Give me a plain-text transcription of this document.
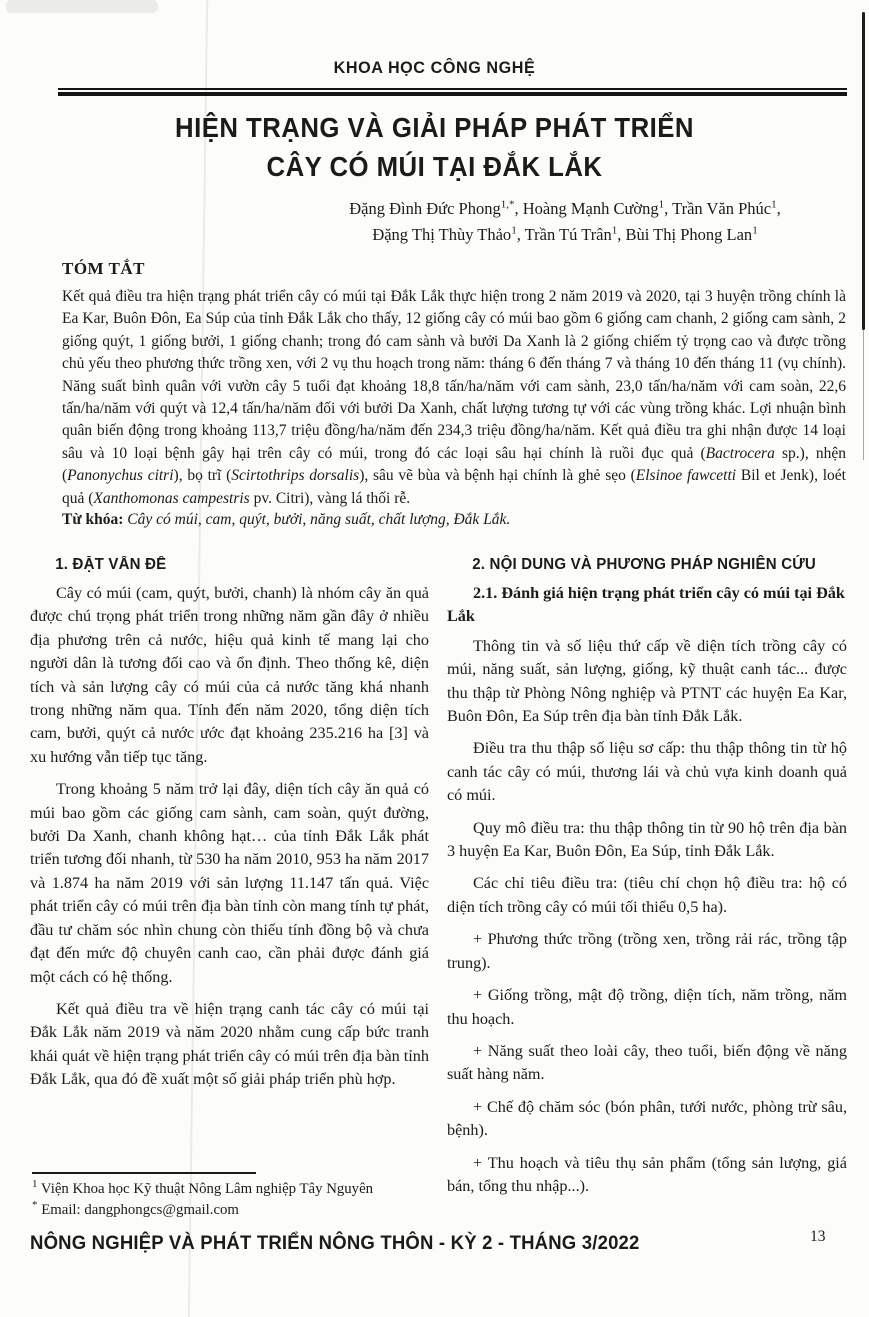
KHOA HỌC CÔNG NGHỆ
HIỆN TRẠNG VÀ GIẢI PHÁP PHÁT TRIỂN
CÂY CÓ MÚI TẠI ĐẮK LẮK
Đặng Đình Đức Phong$^{1,*}$, Hoàng Mạnh Cường$^1$, Trần Văn Phúc$^1$,
Đặng Thị Thùy Thảo$^1$, Trần Tú Trân$^1$, Bùi Thị Phong Lan$^1$
TÓM TẮT
Kết quả điều tra hiện trạng phát triển cây có múi tại Đắk Lắk thực hiện trong 2 năm 2019 và 2020, tại 3 huyện trồng chính là Ea Kar, Buôn Đôn, Ea Súp của tỉnh Đắk Lắk cho thấy, 12 giống cây có múi bao gồm 6 giống cam chanh, 2 giống cam sành, 2 giống quýt, 1 giống bưởi, 1 giống chanh; trong đó cam sành và bưởi Da Xanh là 2 giống chiếm tỷ trọng cao và được trồng chủ yếu theo phương thức trồng xen, với 2 vụ thu hoạch trong năm: tháng 6 đến tháng 7 và tháng 10 đến tháng 11 (vụ chính). Năng suất bình quân với vườn cây 5 tuổi đạt khoảng 18,8 tấn/ha/năm với cam sành, 23,0 tấn/ha/năm với cam soàn, 22,6 tấn/ha/năm với quýt và 12,4 tấn/ha/năm đối với bưởi Da Xanh, chất lượng tương tự với các vùng trồng khác. Lợi nhuận bình quân biến động trong khoảng 113,7 triệu đồng/ha/năm đến 234,3 triệu đồng/ha/năm. Kết quả điều tra ghi nhận được 14 loại sâu và 10 loại bệnh gây hại trên cây có múi, trong đó các loại sâu hại chính là ruồi đục quả (Bactrocera sp.), nhện (Panonychus citri), bọ trĩ (Scirtothrips dorsalis), sâu vẽ bùa và bệnh hại chính là ghẻ sẹo (Elsinoe fawcetti Bil et Jenk), loét quả (Xanthomonas campestris pv. Citri), vàng lá thối rễ.
Từ khóa: Cây có múi, cam, quýt, bưởi, năng suất, chất lượng, Đắk Lắk.
1. ĐẶT VẤN ĐỀ

Cây có múi (cam, quýt, bưởi, chanh) là nhóm cây ăn quả được chú trọng phát triển trong những năm gần đây ở nhiều địa phương trên cả nước, hiệu quả kinh tế mang lại cho người dân là tương đối cao và ổn định. Theo thống kê, diện tích và sản lượng cây có múi của cả nước tăng khá nhanh trong những năm qua. Tính đến năm 2020, tổng diện tích cam, bưởi, quýt cả nước ước đạt khoảng 235.216 ha [3] và xu hướng vẫn tiếp tục tăng.

Trong khoảng 5 năm trở lại đây, diện tích cây ăn quả có múi bao gồm các giống cam sành, cam soàn, quýt đường, bưởi Da Xanh, chanh không hạt… của tỉnh Đắk Lắk phát triển tương đối nhanh, từ 530 ha năm 2010, 953 ha năm 2017 và 1.874 ha năm 2019 với sản lượng 11.147 tấn quả. Việc phát triển cây có múi trên địa bàn tỉnh còn mang tính tự phát, đầu tư chăm sóc nhìn chung còn thiếu tính đồng bộ và chưa đạt đến mức độ chuyên canh cao, cần phải được đánh giá một cách có hệ thống.

Kết quả điều tra về hiện trạng canh tác cây có múi tại Đắk Lắk năm 2019 và năm 2020 nhằm cung cấp bức tranh khái quát về hiện trạng phát triển cây có múi trên địa bàn tỉnh Đắk Lắk, qua đó đề xuất một số giải pháp triển phù hợp.

2. NỘI DUNG VÀ PHƯƠNG PHÁP NGHIÊN CỨU
2.1. Đánh giá hiện trạng phát triển cây có múi tại Đắk Lắk

Thông tin và số liệu thứ cấp về diện tích trồng cây có múi, năng suất, sản lượng, giống, kỹ thuật canh tác... được thu thập từ Phòng Nông nghiệp và PTNT các huyện Ea Kar, Buôn Đôn, Ea Súp trên địa bàn tỉnh Đắk Lắk.

Điều tra thu thập số liệu sơ cấp: thu thập thông tin từ hộ canh tác cây có múi, thương lái và chủ vựa kinh doanh quả có múi.

Quy mô điều tra: thu thập thông tin từ 90 hộ trên địa bàn 3 huyện Ea Kar, Buôn Đôn, Ea Súp, tỉnh Đắk Lắk.

Các chỉ tiêu điều tra: (tiêu chí chọn hộ điều tra: hộ có diện tích trồng cây có múi tối thiểu 0,5 ha).

+ Phương thức trồng (trồng xen, trồng rải rác, trồng tập trung).

+ Giống trồng, mật độ trồng, diện tích, năm trồng, năm thu hoạch.

+ Năng suất theo loài cây, theo tuổi, biến động về năng suất hàng năm.

+ Chế độ chăm sóc (bón phân, tưới nước, phòng trừ sâu, bệnh).

+ Thu hoạch và tiêu thụ sản phẩm (tổng sản lượng, giá bán, tổng thu nhập...).

$^1$ Viện Khoa học Kỹ thuật Nông Lâm nghiệp Tây Nguyên
* Email: dangphongcs@gmail.com
NÔNG NGHIỆP VÀ PHÁT TRIỂN NÔNG THÔN - KỲ 2 - THÁNG 3/2022	13
